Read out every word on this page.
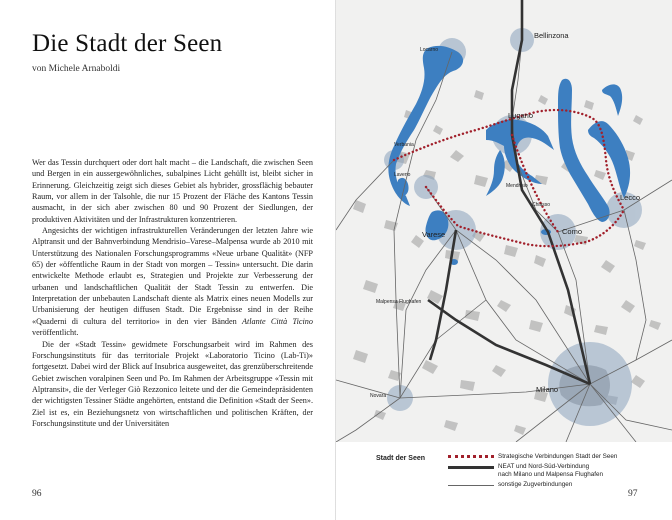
Die Stadt der Seen
von Michele Arnaboldi

Wer das Tessin durchquert oder dort halt macht – die Landschaft, die zwischen Seen und Bergen in ein aussergewöhnliches, subalpines Licht gehüllt ist, bleibt sicher in Erinnerung. Gleichzeitig zeigt sich dieses Gebiet als hybrider, grossflächig bebauter Raum, vor allem in der Talsohle, die nur 15 Prozent der Fläche des Kantons Tessin ausmacht, in der sich aber zwischen 80 und 90 Prozent der Siedlungen, der produktiven Aktivitäten und der Infrastrukturen konzentrieren.

Angesichts der wichtigen infrastrukturellen Veränderungen der letzten Jahre wie Alptransit und der Bahnverbindung Mendrisio–Varese–Malpensa wurde ab 2010 mit Unterstützung des Nationalen Forschungsprogramms «Neue urbane Qualität» (NFP 65) der «öffentliche Raum in der Stadt von morgen – Tessin» untersucht. Die darin entwickelte Methode erlaubt es, Strategien und Projekte zur Verbesserung der urbanen und landschaftlichen Qualität der Stadt Tessin zu entwerfen. Die Interpretation der unbebauten Landschaft diente als Matrix eines neuen Modells zur Urbanisierung der heutigen diffusen Stadt. Die Ergebnisse sind in der Reihe «Quaderni di cultura del territorio» in den vier Bänden Atlante Città Ticino veröffentlicht.

Die der «Stadt Tessin» gewidmete Forschungsarbeit wird im Rahmen des Forschungsinstituts für das territoriale Projekt «Laboratorio Ticino (Lab-Ti)» fortgesetzt. Dabei wird der Blick auf Insubrica ausgeweitet, das grenzüberschreitende Gebiet zwischen voralpinen Seen und Po. Im Rahmen der Arbeitsgruppe «Tessin mit Alptransit», die der Verleger Giò Rezzonico leitete und der die Gemeindepräsidenten der wichtigsten Tessiner Städte angehörten, entstand die Definition «Stadt der Seen». Ziel ist es, ein Beziehungsnetz von wirtschaftlichen und politischen Kräften, der Forschungsinstitute und der Universitäten

96
Bellinzona
Locarno
Lugano
Verbania
Laveno
Mendrisio
Chiasso
Lecco
Varese	Como
Malpensa Flughafen
Novara
Milano
Stadt der Seen	Strategische Verbindungen Stadt der Seen
NEAT und Nord-Süd-Verbindung
nach Milano und Malpensa Flughafen
sonstige Zugverbindungen
97
